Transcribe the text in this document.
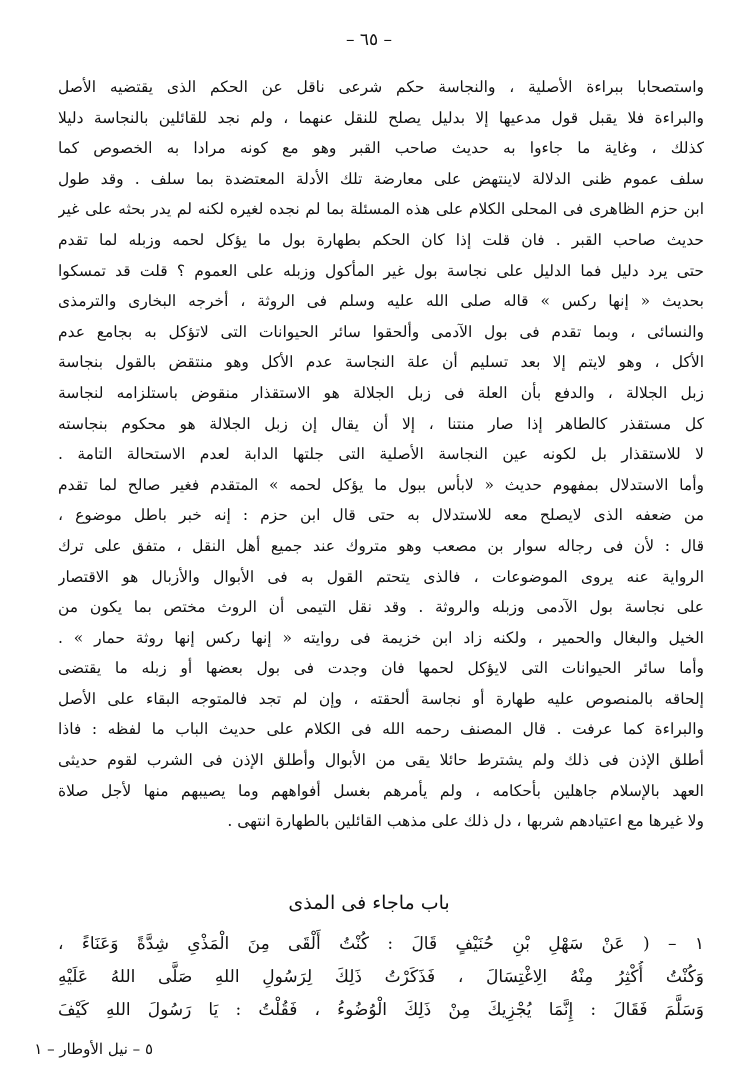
– ٦٥ –
واستصحابا ببراءة الأصلية ، والنجاسة حكم شرعى ناقل عن الحكم الذى يقتضيه الأصل
والبراءة فلا يقبل قول مدعيها إلا بدليل يصلح للنقل عنهما ، ولم نجد للقائلين بالنجاسة دليلا
كذلك ، وغاية ما جاءوا به حديث صاحب القبر وهو مع كونه مرادا به الخصوص كما
سلف عموم ظنى الدلالة لاينتهض على معارضة تلك الأدلة المعتضدة بما سلف . وقد طول
ابن حزم الظاهرى فى المحلى الكلام على هذه المسئلة بما لم نجده لغيره لكنه لم يدر بحثه على غير
حديث صاحب القبر . فان قلت إذا كان الحكم بطهارة بول ما يؤكل لحمه وزبله لما تقدم
حتى يرد دليل فما الدليل على نجاسة بول غير المأكول وزبله على العموم ؟ قلت قد تمسكوا
بحديث « إنها ركس » قاله صلى الله عليه وسلم فى الروثة ، أخرجه البخارى والترمذى
والنسائى ، وبما تقدم فى بول الآدمى وألحقوا سائر الحيوانات التى لاتؤكل به بجامع عدم
الأكل ، وهو لايتم إلا بعد تسليم أن علة النجاسة عدم الأكل وهو منتقض بالقول بنجاسة
زبل الجلالة ، والدفع بأن العلة فى زبل الجلالة هو الاستقذار منقوض باستلزامه لنجاسة
كل مستقذر كالطاهر إذا صار منتنا ، إلا أن يقال إن زبل الجلالة هو محكوم بنجاسته
لا للاستقذار بل لكونه عين النجاسة الأصلية التى جلتها الدابة لعدم الاستحالة التامة .
وأما الاستدلال بمفهوم حديث « لابأس ببول ما يؤكل لحمه » المتقدم فغير صالح لما تقدم
من ضعفه الذى لايصلح معه للاستدلال به حتى قال ابن حزم : إنه خبر باطل موضوع ،
قال : لأن فى رجاله سوار بن مصعب وهو متروك عند جميع أهل النقل ، متفق على ترك
الرواية عنه يروى الموضوعات ، فالذى يتحتم القول به فى الأبوال والأزبال هو الاقتصار
على نجاسة بول الآدمى وزبله والروثة . وقد نقل التيمى أن الروث مختص بما يكون من
الخيل والبغال والحمير ، ولكنه زاد ابن خزيمة فى روايته « إنها ركس إنها روثة حمار » .
وأما سائر الحيوانات التى لايؤكل لحمها فان وجدت فى بول بعضها أو زبله ما يقتضى
إلحاقه بالمنصوص عليه طهارة أو نجاسة ألحقته ، وإن لم تجد فالمتوجه البقاء على الأصل
والبراءة كما عرفت . قال المصنف رحمه الله فى الكلام على حديث الباب ما لفظه : فاذا
أطلق الإذن فى ذلك ولم يشترط حائلا يقى من الأبوال وأطلق الإذن فى الشرب لقوم حديثى
العهد بالإسلام جاهلين بأحكامه ، ولم يأمرهم بغسل أفواههم وما يصيبهم منها لأجل صلاة
ولا غيرها مع اعتيادهم شربها ، دل ذلك على مذهب القائلين بالطهارة انتهى .
باب ماجاء فى المذى
١ – ( عَنْ سَهْلِ بْنِ حُنَيْفٍ قَالَ : كُنْتُ أَلْقَى مِنَ الْمَذْىِ شِدَّةً وَعَنَاءً ،
وَكُنْتُ أُكْثِرُ مِنْهُ الِاغْتِسَالَ ، فَذَكَرْتُ ذَلِكَ لِرَسُولِ اللهِ صَلَّى اللهُ عَلَيْهِ
وَسَلَّمَ فَقَالَ : إِنَّمَا يُجْزِيكَ مِنْ ذَلِكَ الْوُضُوءُ ، فَقُلْتُ : يَا رَسُولَ اللهِ كَيْفَ
٥ – نيل الأوطار – ١
